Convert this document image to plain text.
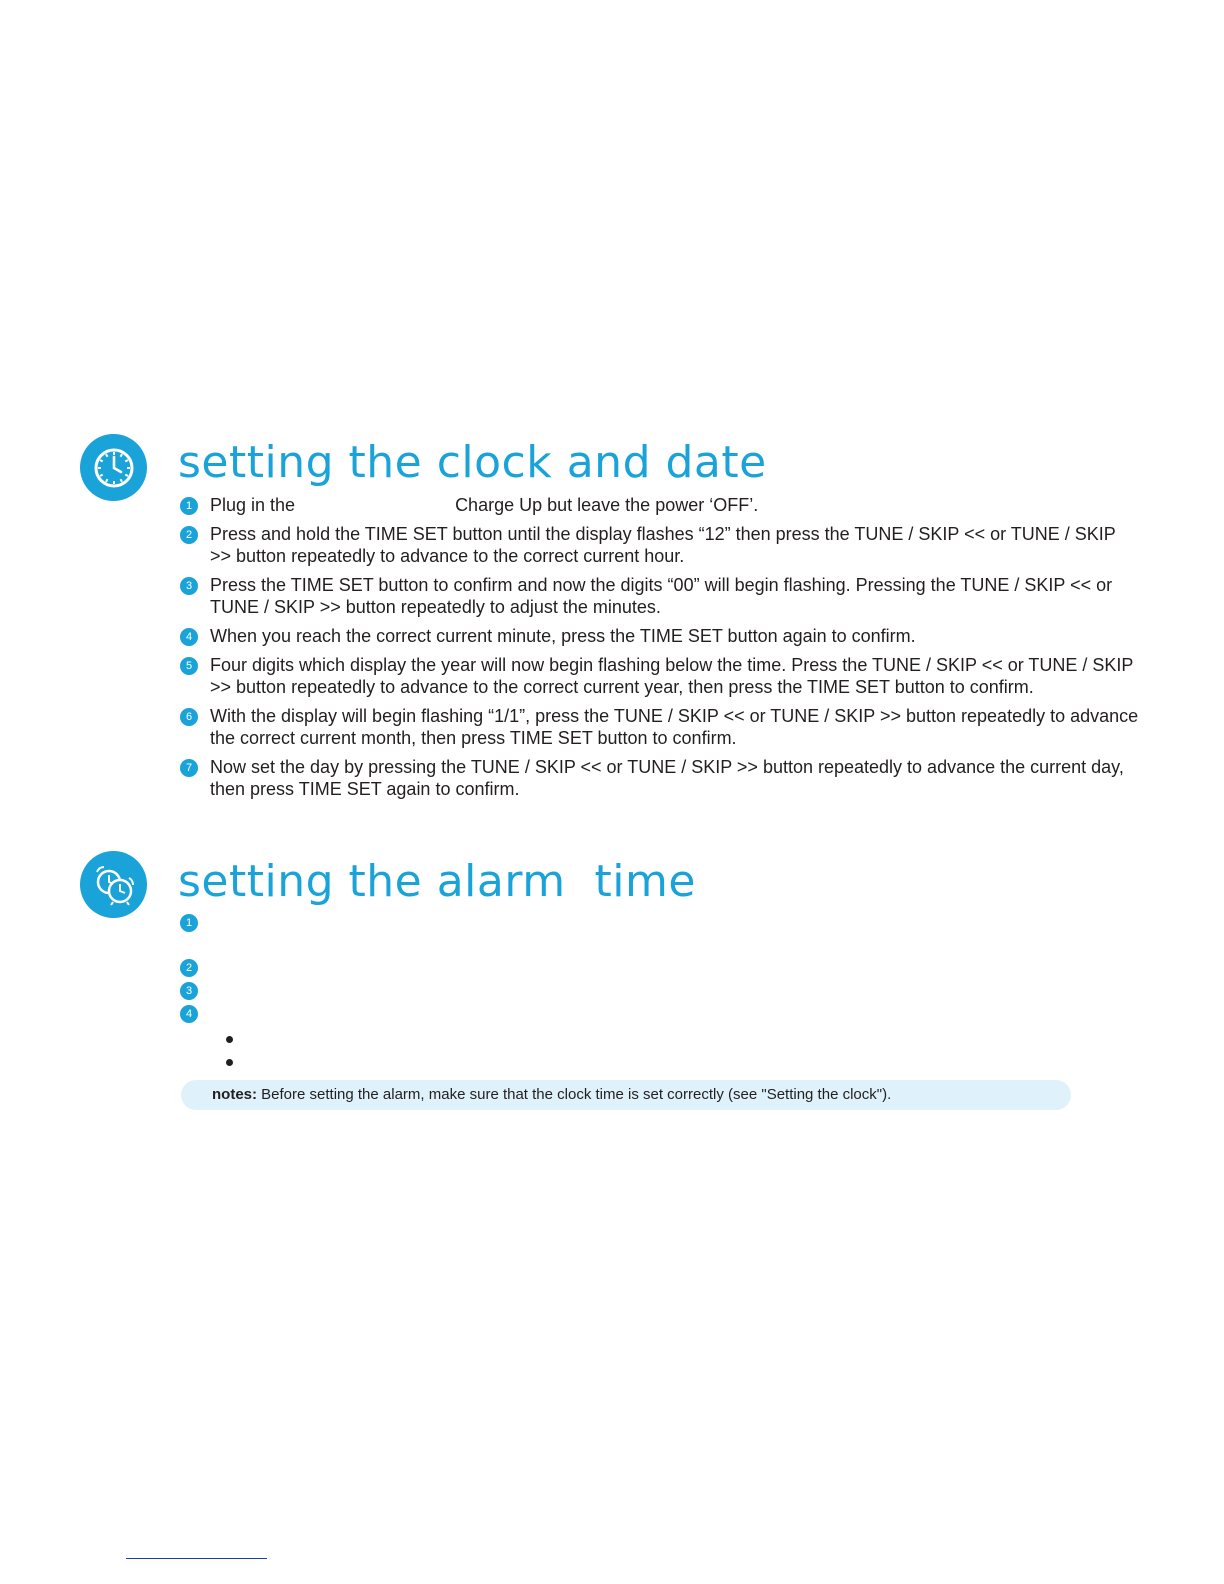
setting the clock and date
1 Plug in the	Charge Up but leave the power ‘OFF’.
2 Press and hold the TIME SET button until the display flashes “12” then press the TUNE / SKIP << or TUNE / SKIP >> button repeatedly to advance to the correct current hour.
3 Press the TIME SET button to confirm and now the digits “00” will begin flashing. Pressing the TUNE / SKIP << or TUNE / SKIP >> button repeatedly to adjust the minutes.
4 When you reach the correct current minute, press the TIME SET button again to confirm.
5 Four digits which display the year will now begin flashing below the time. Press the TUNE / SKIP << or TUNE / SKIP >> button repeatedly to advance to the correct current year, then press the TIME SET button to confirm.
6 With the display will begin flashing “1/1”, press the TUNE / SKIP << or TUNE / SKIP >> button repeatedly to advance the correct current month, then press TIME SET button to confirm.
7 Now set the day by pressing the TUNE / SKIP << or TUNE / SKIP >> button repeatedly to advance the current day, then press TIME SET again to confirm.
setting the alarm  time
1
2
3
4
notes: Before setting the alarm, make sure that the clock time is set correctly (see "Setting the clock").
